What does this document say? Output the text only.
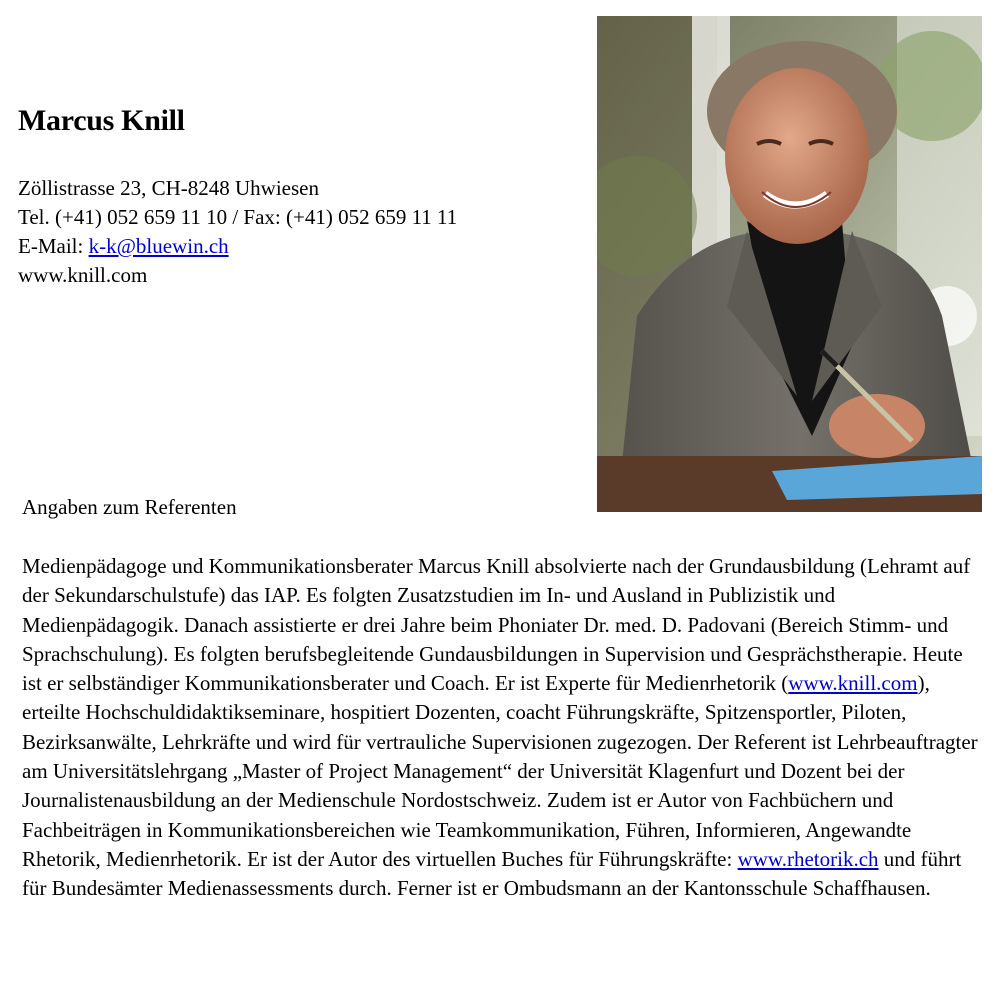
Marcus Knill
Zöllistrasse 23, CH-8248 Uhwiesen
Tel. (+41) 052 659 11 10 / Fax: (+41) 052 659 11 11
E-Mail: k-k@bluewin.ch
www.knill.com
Angaben zum Referenten

Medienpädagoge und Kommunikationsberater Marcus Knill absolvierte nach der Grundausbildung (Lehramt auf der Sekundarschulstufe) das IAP. Es folgten Zusatzstudien im In- und Ausland in Publizistik und Medienpädagogik. Danach assistierte er drei Jahre beim Phoniater Dr. med. D. Padovani (Bereich Stimm- und Sprachschulung). Es folgten berufsbegleitende Gundausbildungen in Supervision und Gesprächstherapie. Heute ist er selbständiger Kommunikationsberater und Coach. Er ist Experte für Medienrhetorik (www.knill.com), erteilte Hochschuldidaktikseminare, hospitiert Dozenten, coacht Führungskräfte, Spitzensportler, Piloten, Bezirksanwälte, Lehrkräfte und wird für vertrauliche Supervisionen zugezogen. Der Referent ist Lehrbeauftragter am Universitätslehrgang „Master of Project Management“ der Universität Klagenfurt und Dozent bei der Journalistenausbildung an der Medienschule Nordostschweiz. Zudem ist er Autor von Fachbüchern und Fachbeiträgen in Kommunikationsbereichen wie Teamkommunikation, Führen, Informieren, Angewandte Rhetorik, Medienrhetorik. Er ist der Autor des virtuellen Buches für Führungskräfte: www.rhetorik.ch und führt für Bundesämter Medienassessments durch. Ferner ist er Ombudsmann an der Kantonsschule Schaffhausen.
